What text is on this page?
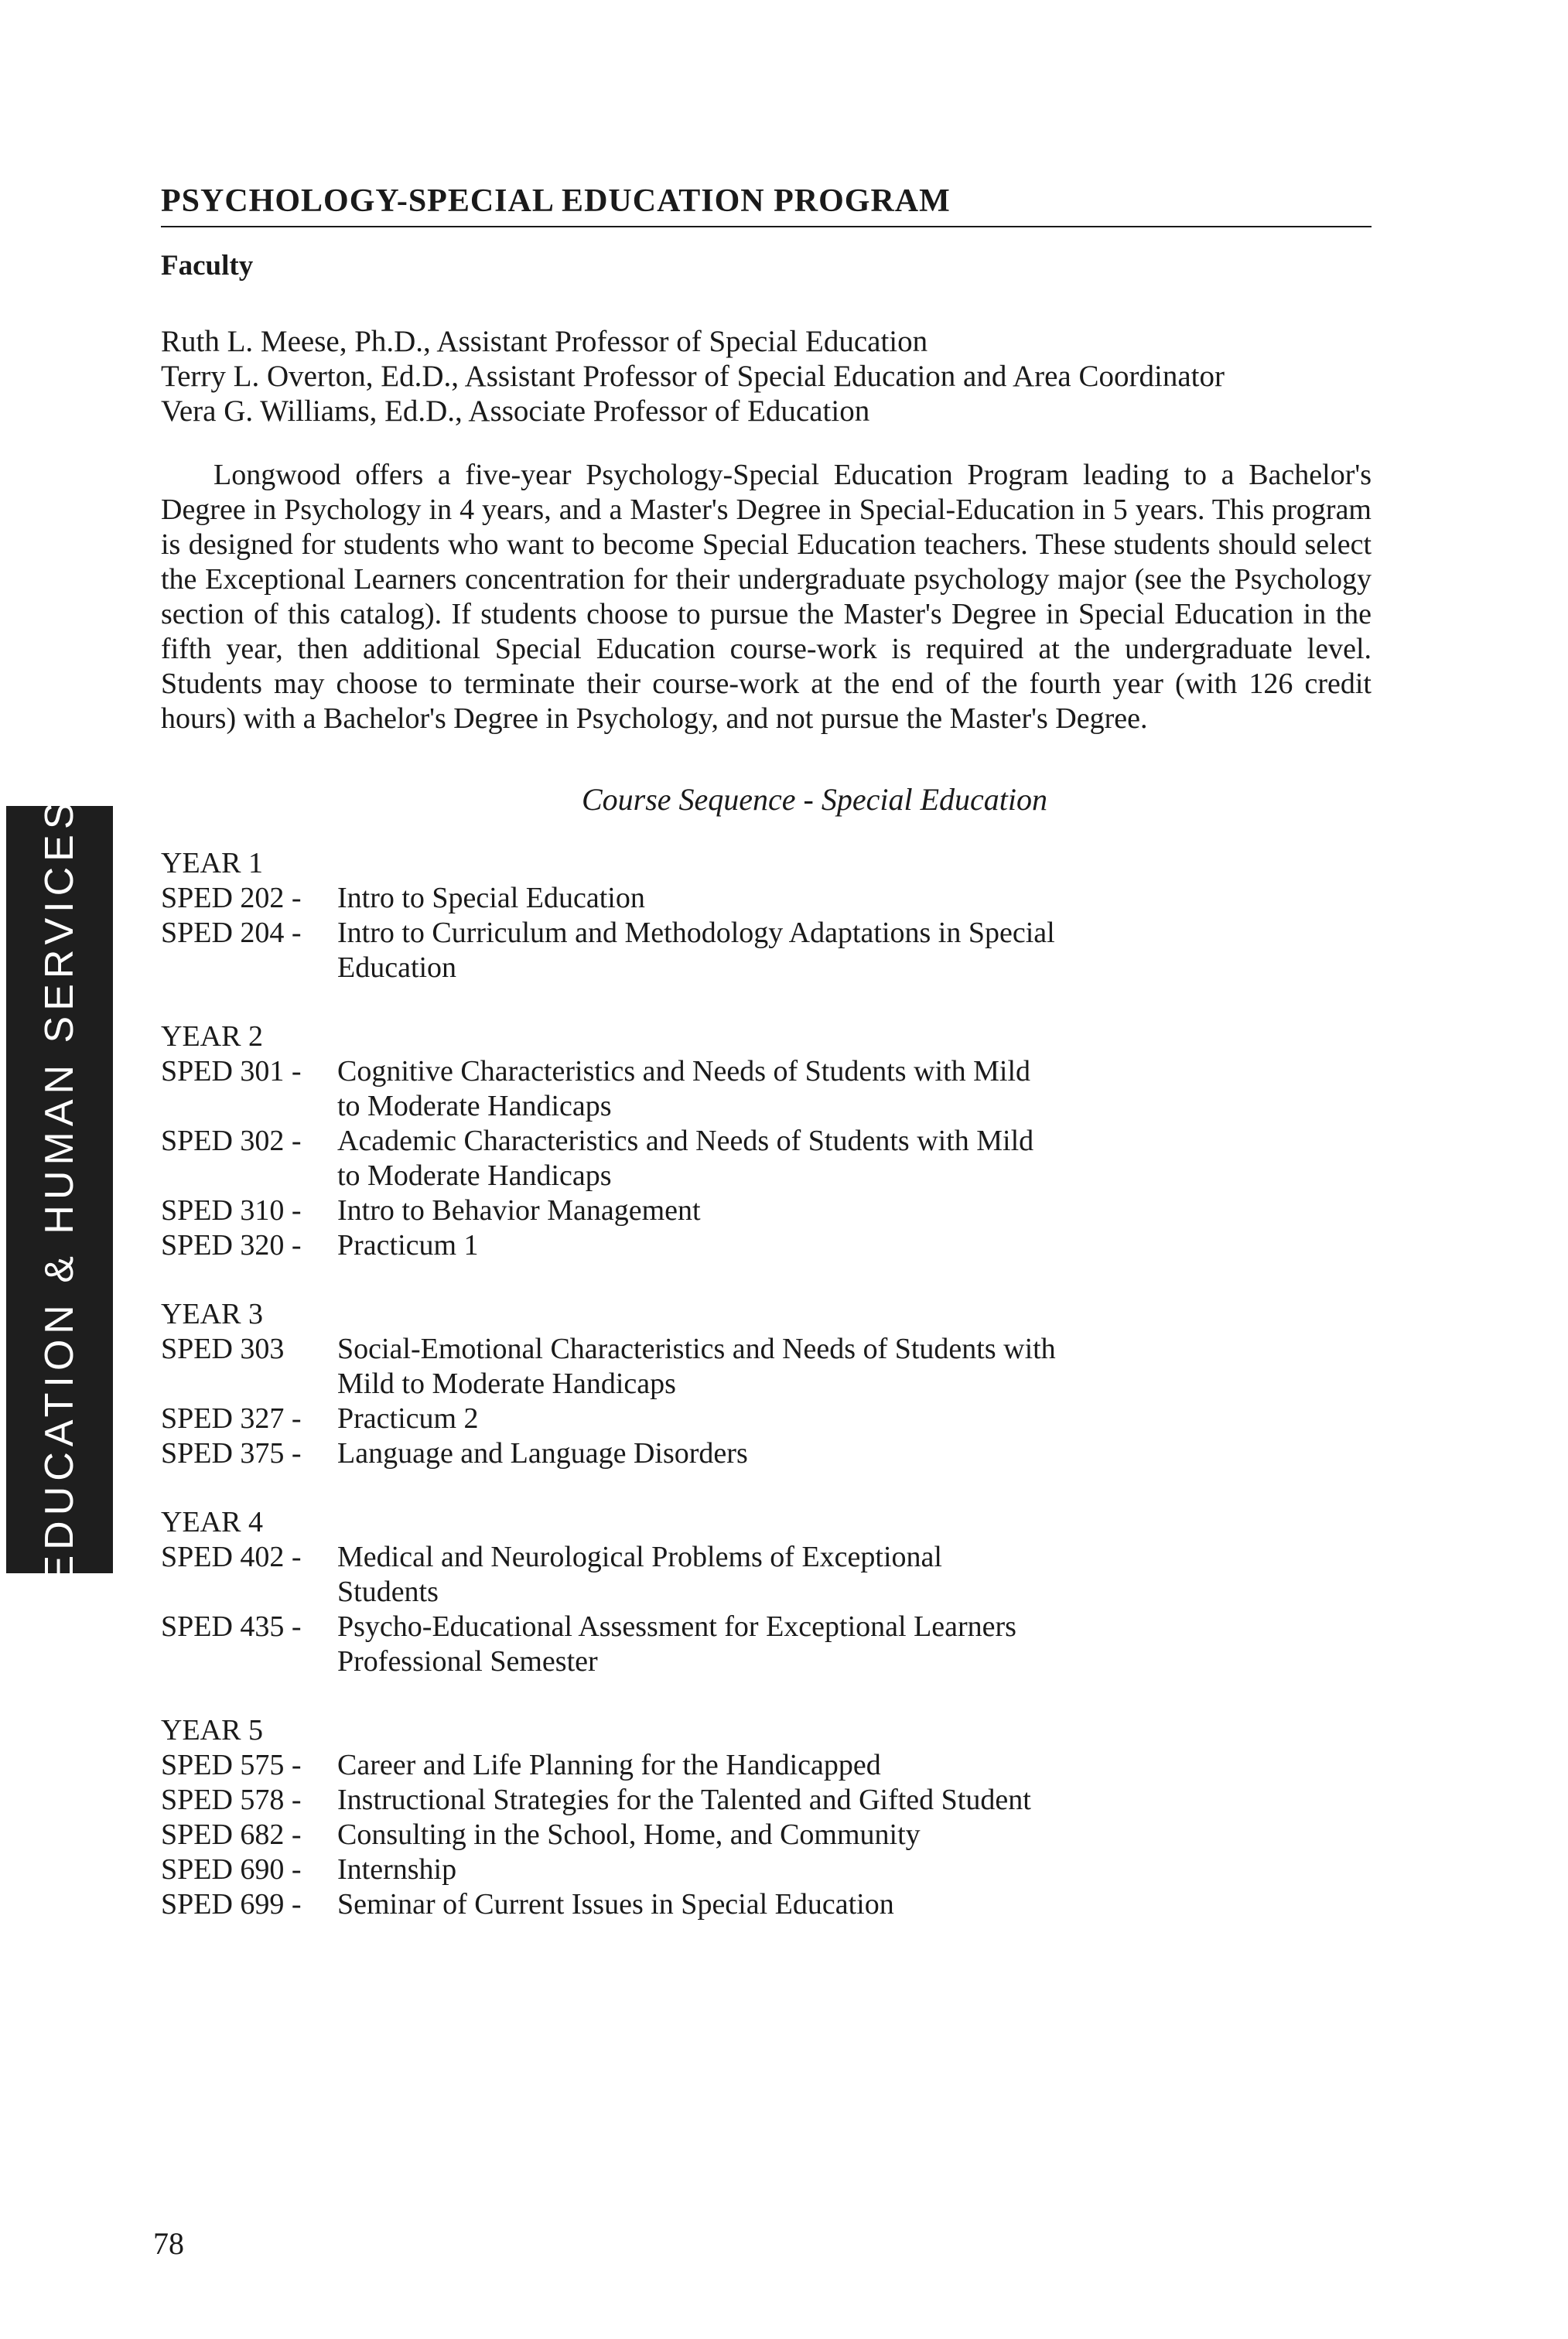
EDUCATION & HUMAN SERVICES
PSYCHOLOGY-SPECIAL EDUCATION PROGRAM
Faculty
Ruth L. Meese, Ph.D., Assistant Professor of Special Education
Terry L. Overton, Ed.D., Assistant Professor of Special Education and Area Coordinator
Vera G. Williams, Ed.D., Associate Professor of Education

Longwood offers a five-year Psychology-Special Education Program leading to a Bachelor's Degree in Psychology in 4 years, and a Master's Degree in Special-Education in 5 years. This program is designed for students who want to become Special Education teachers. These students should select the Exceptional Learners concentration for their undergraduate psychology major (see the Psychology section of this catalog). If students choose to pursue the Master's Degree in Special Education in the fifth year, then additional Special Education course-work is required at the undergraduate level. Students may choose to terminate their course-work at the end of the fourth year (with 126 credit hours) with a Bachelor's Degree in Psychology, and not pursue the Master's Degree.

Course Sequence - Special Education
YEAR 1
SPED 202 -	Intro to Special Education
SPED 204 -	Intro to Curriculum and Methodology Adaptations in Special Education
YEAR 2
SPED 301 -	Cognitive Characteristics and Needs of Students with Mild to Moderate Handicaps
SPED 302 -	Academic Characteristics and Needs of Students with Mild to Moderate Handicaps
SPED 310 -	Intro to Behavior Management
SPED 320 -	Practicum 1
YEAR 3
SPED 303	Social-Emotional Characteristics and Needs of Students with Mild to Moderate Handicaps
SPED 327 -	Practicum 2
SPED 375 -	Language and Language Disorders
YEAR 4
SPED 402 -	Medical and Neurological Problems of Exceptional Students
SPED 435 -	Psycho-Educational Assessment for Exceptional Learners Professional Semester
YEAR 5
SPED 575 -	Career and Life Planning for the Handicapped
SPED 578 -	Instructional Strategies for the Talented and Gifted Student
SPED 682 -	Consulting in the School, Home, and Community
SPED 690 -	Internship
SPED 699 -	Seminar of Current Issues in Special Education
78
